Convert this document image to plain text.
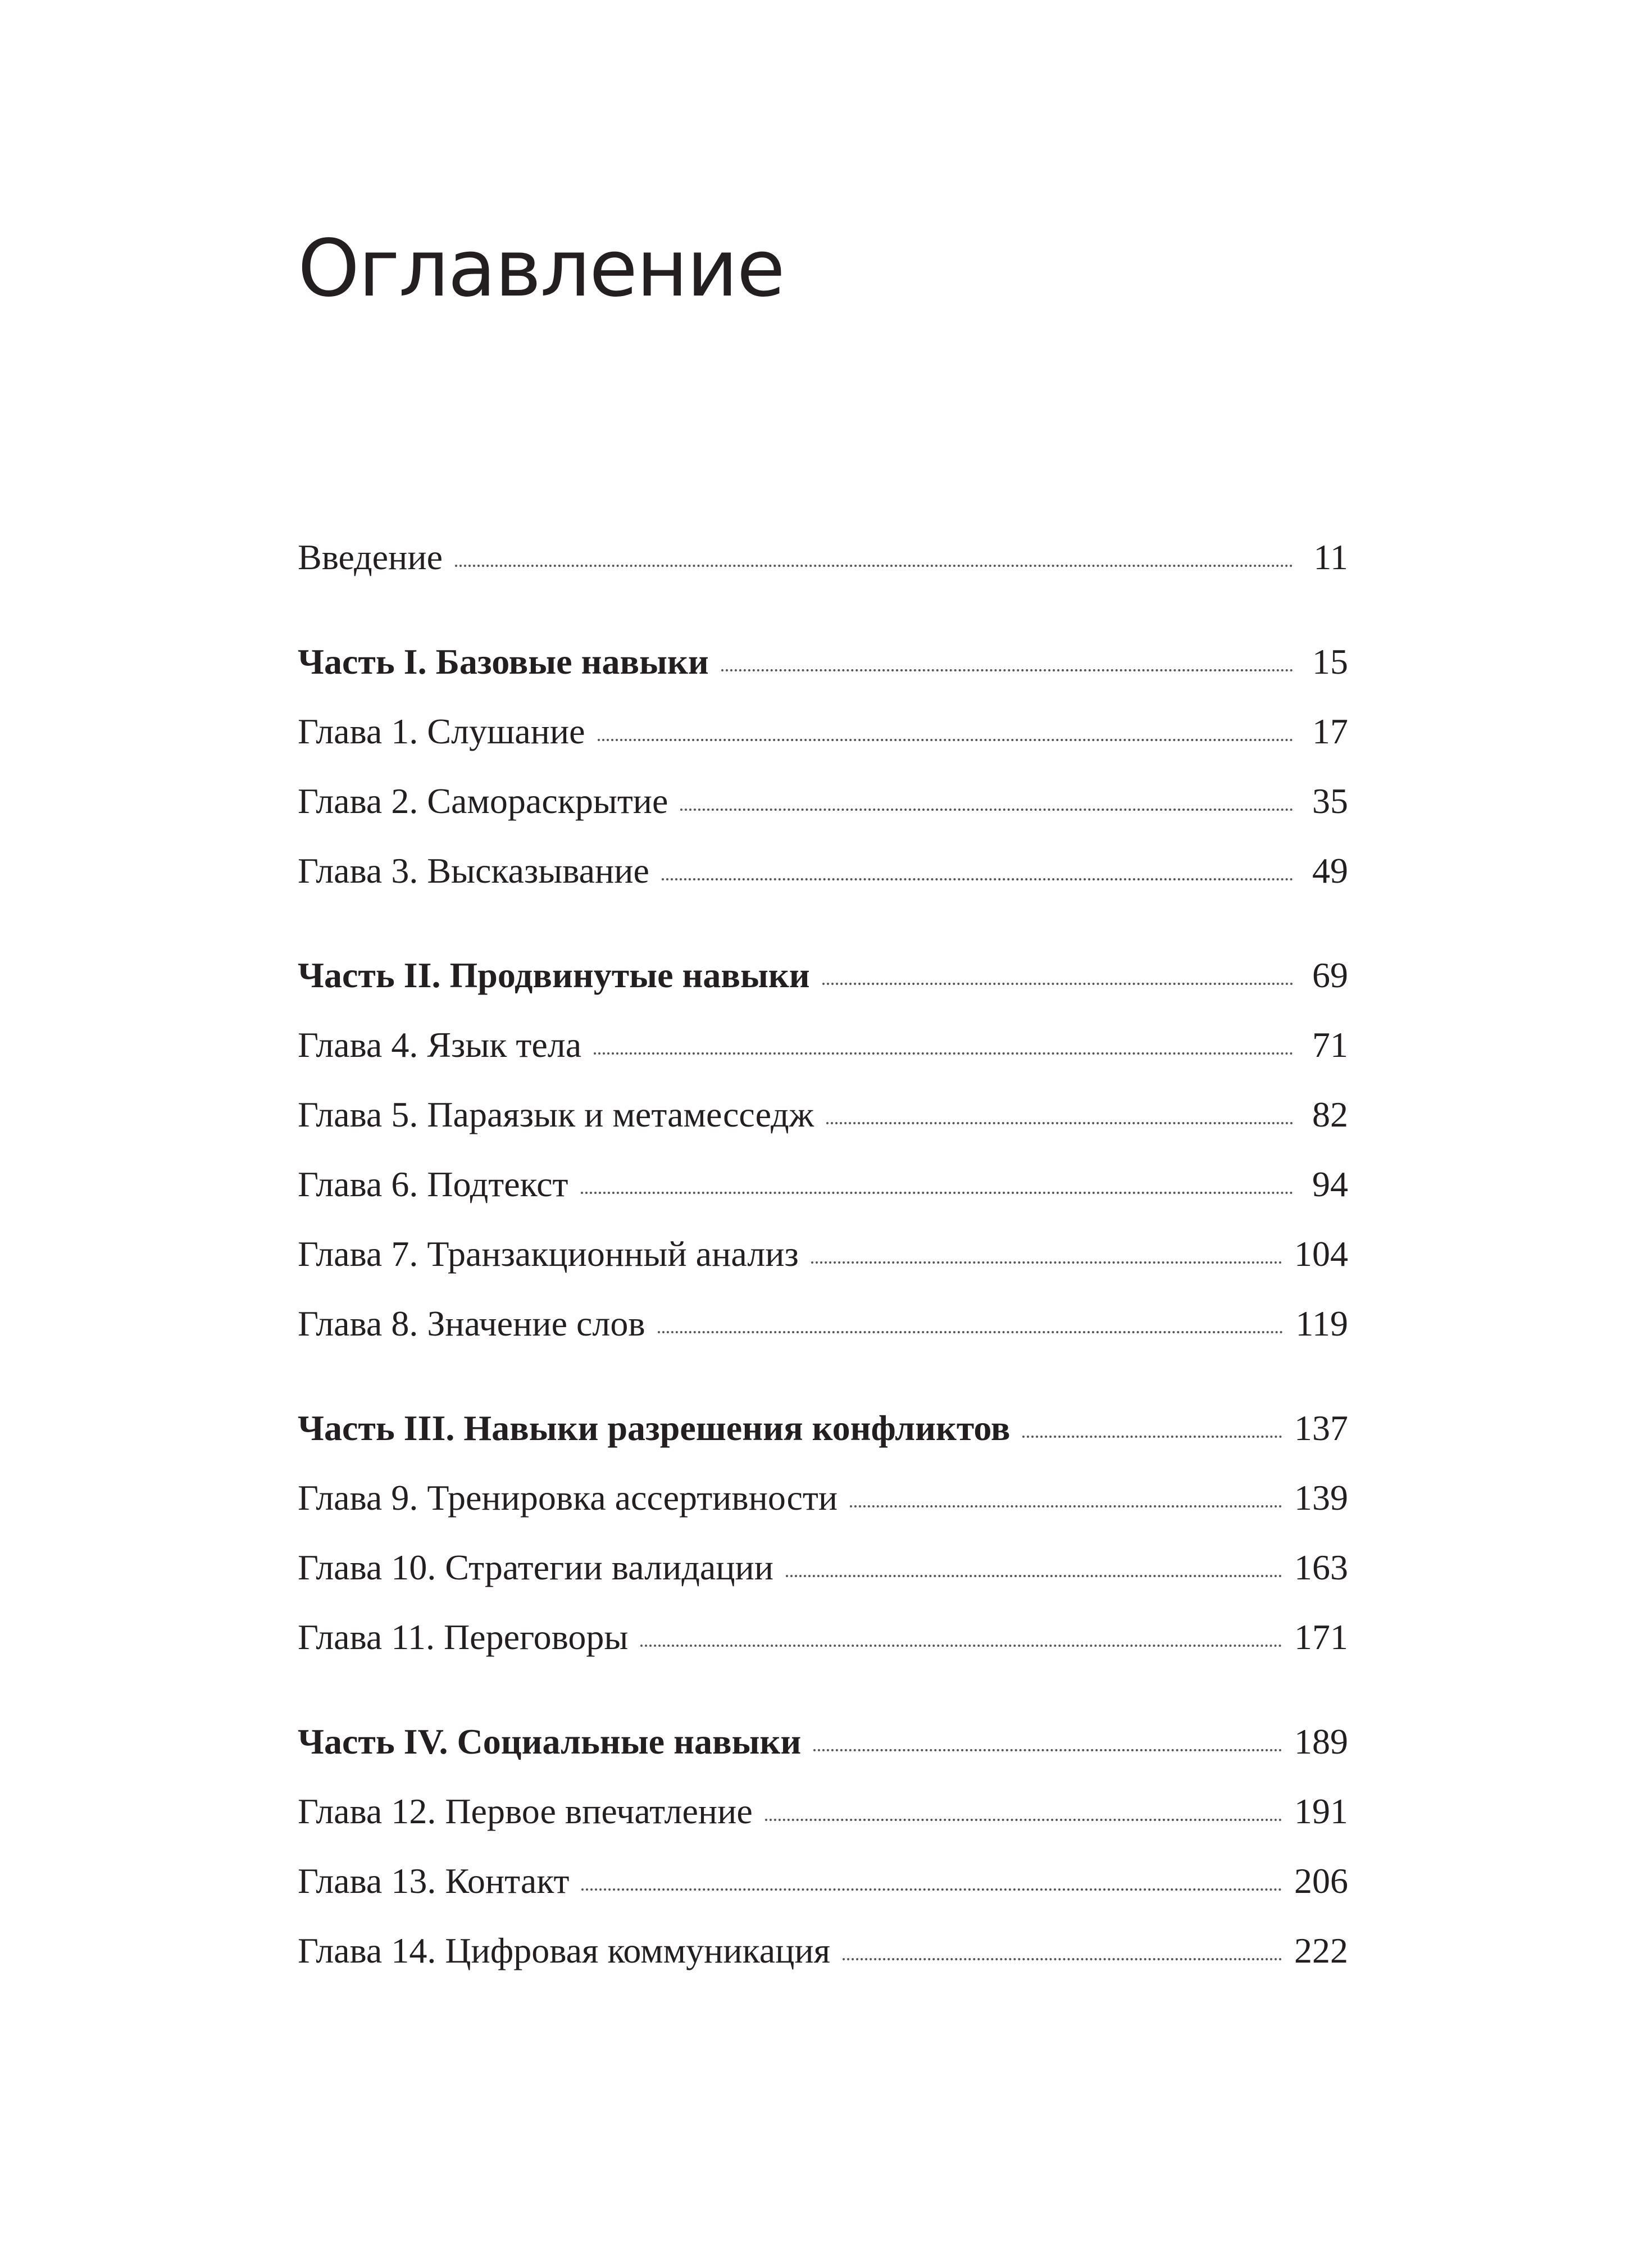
Оглавление
Введение	11
Часть I. Базовые навыки	15
Глава 1. Слушание	17
Глава 2. Самораскрытие	35
Глава 3. Высказывание	49
Часть II. Продвинутые навыки	69
Глава 4. Язык тела	71
Глава 5. Параязык и метамесседж	82
Глава 6. Подтекст	94
Глава 7. Транзакционный анализ	104
Глава 8. Значение слов	119
Часть III. Навыки разрешения конфликтов	137
Глава 9. Тренировка ассертивности	139
Глава 10. Стратегии валидации	163
Глава 11. Переговоры	171
Часть IV. Социальные навыки	189
Глава 12. Первое впечатление	191
Глава 13. Контакт	206
Глава 14. Цифровая коммуникация	222
